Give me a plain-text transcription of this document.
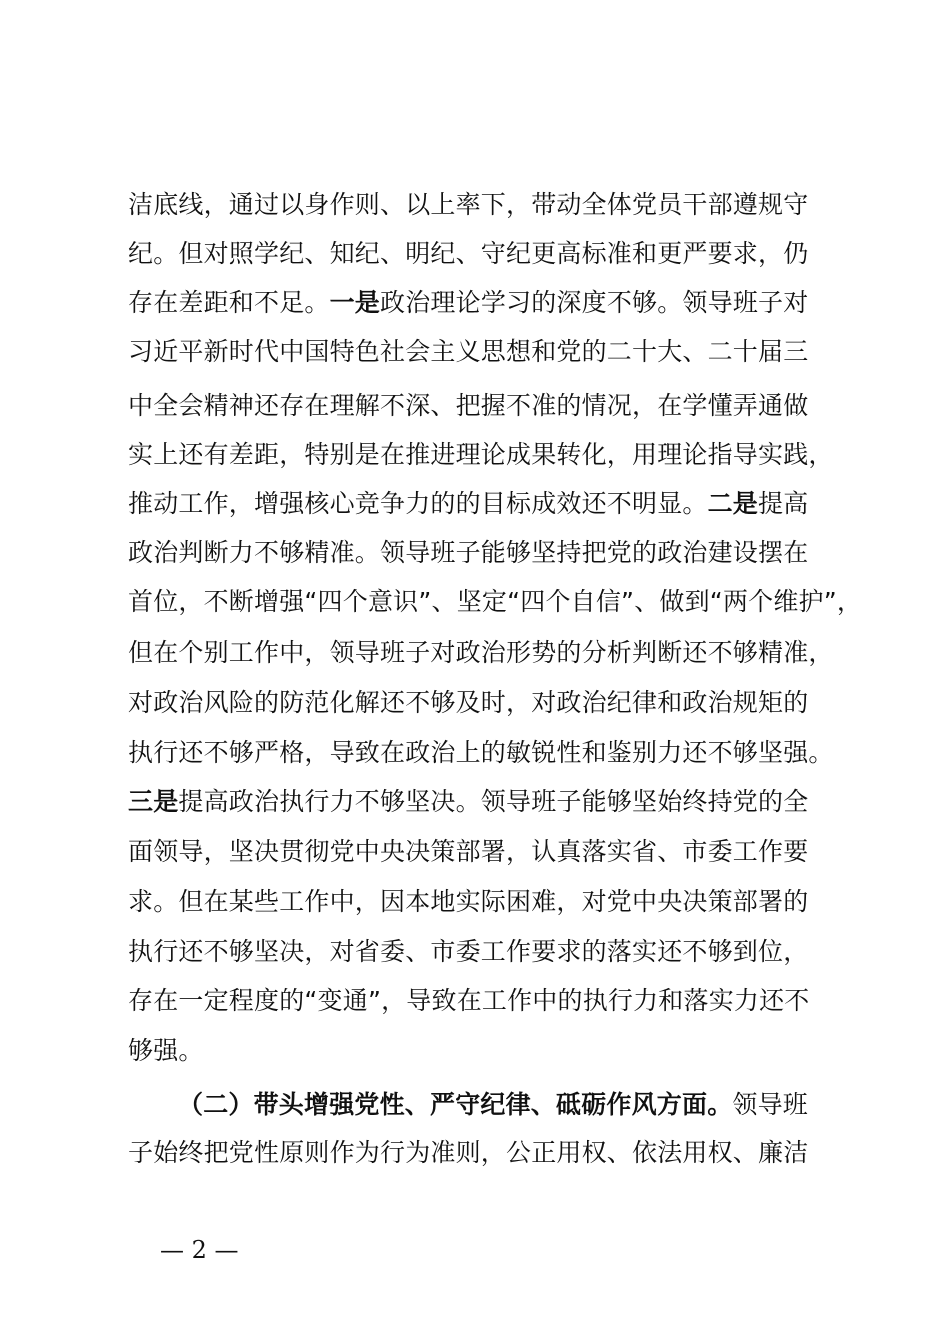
洁底线，通过以身作则、以上率下，带动全体党员干部遵规守
纪。但对照学纪、知纪、明纪、守纪更高标准和更严要求，仍
存在差距和不足。一是政治理论学习的深度不够。领导班子对
习近平新时代中国特色社会主义思想和党的二十大、二十届三
中全会精神还存在理解不深、把握不准的情况，在学懂弄通做
实上还有差距，特别是在推进理论成果转化，用理论指导实践，
推动工作，增强核心竞争力的的目标成效还不明显。二是提高
政治判断力不够精准。领导班子能够坚持把党的政治建设摆在
首位，不断增强“四个意识”、坚定“四个自信”、做到“两个维护”，
但在个别工作中，领导班子对政治形势的分析判断还不够精准，
对政治风险的防范化解还不够及时，对政治纪律和政治规矩的
执行还不够严格，导致在政治上的敏锐性和鉴别力还不够坚强。
三是提高政治执行力不够坚决。领导班子能够坚始终持党的全
面领导，坚决贯彻党中央决策部署，认真落实省、市委工作要
求。但在某些工作中，因本地实际困难，对党中央决策部署的
执行还不够坚决，对省委、市委工作要求的落实还不够到位，
存在一定程度的“变通”，导致在工作中的执行力和落实力还不
够强。
（二）带头增强党性、严守纪律、砥砺作风方面。领导班
子始终把党性原则作为行为准则，公正用权、依法用权、廉洁
— 2 —
